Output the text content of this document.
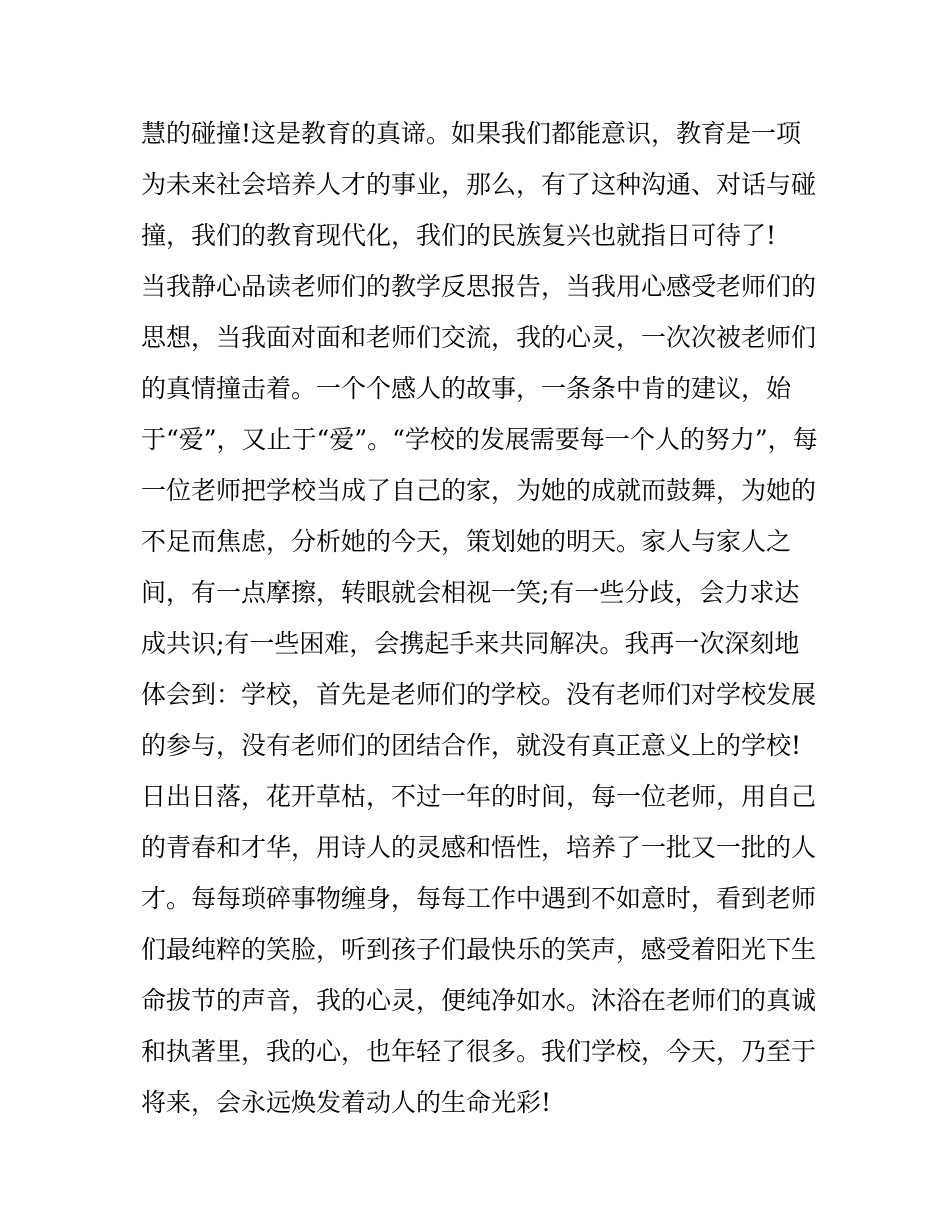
慧的碰撞!这是教育的真谛。如果我们都能意识，教育是一项
为未来社会培养人才的事业，那么，有了这种沟通、对话与碰
撞，我们的教育现代化，我们的民族复兴也就指日可待了!
当我静心品读老师们的教学反思报告，当我用心感受老师们的
思想，当我面对面和老师们交流，我的心灵，一次次被老师们
的真情撞击着。一个个感人的故事，一条条中肯的建议，始
于“爱”，又止于“爱”。“学校的发展需要每一个人的努力”，每
一位老师把学校当成了自己的家，为她的成就而鼓舞，为她的
不足而焦虑，分析她的今天，策划她的明天。家人与家人之
间，有一点摩擦，转眼就会相视一笑;有一些分歧，会力求达
成共识;有一些困难，会携起手来共同解决。我再一次深刻地
体会到：学校，首先是老师们的学校。没有老师们对学校发展
的参与，没有老师们的团结合作，就没有真正意义上的学校!
日出日落，花开草枯，不过一年的时间，每一位老师，用自己
的青春和才华，用诗人的灵感和悟性，培养了一批又一批的人
才。每每琐碎事物缠身，每每工作中遇到不如意时，看到老师
们最纯粹的笑脸，听到孩子们最快乐的笑声，感受着阳光下生
命拔节的声音，我的心灵，便纯净如水。沐浴在老师们的真诚
和执著里，我的心，也年轻了很多。我们学校，今天，乃至于
将来，会永远焕发着动人的生命光彩!
